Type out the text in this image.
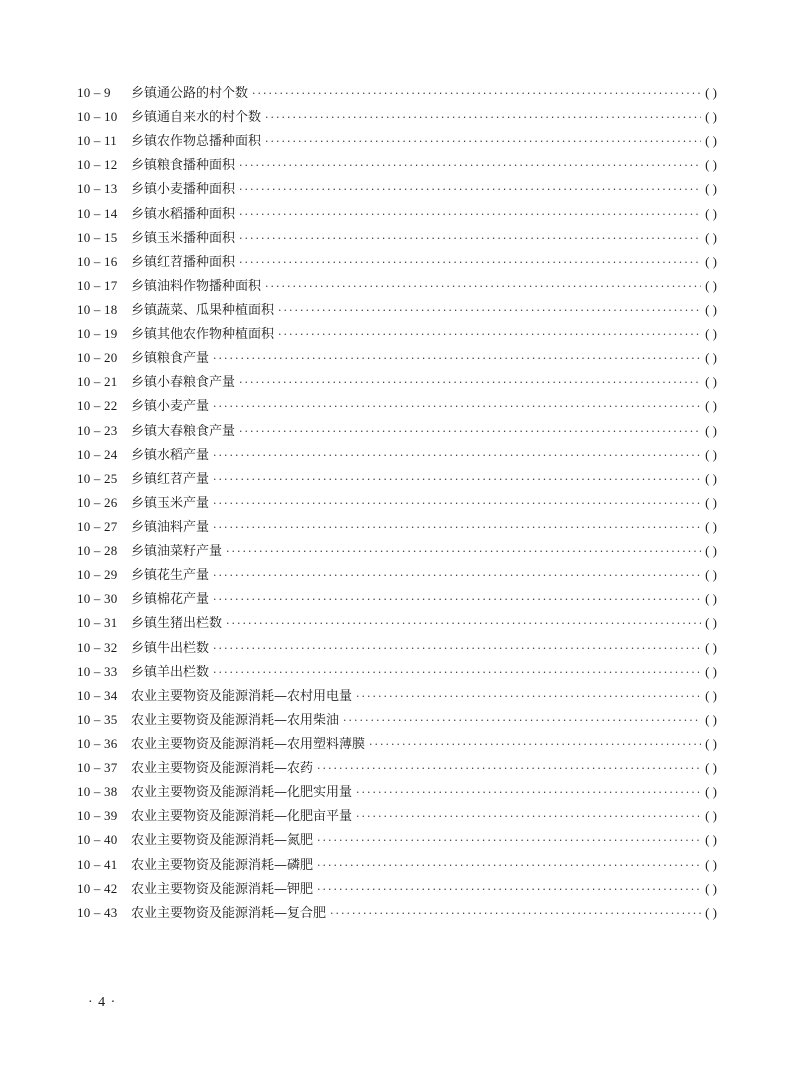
10 – 9	乡镇通公路的村个数 ·····	( )
10 – 10	乡镇通自来水的村个数 ·····	( )
10 – 11	乡镇农作物总播种面积 ·····	( )
10 – 12	乡镇粮食播种面积 ·····	( )
10 – 13	乡镇小麦播种面积 ·····	( )
10 – 14	乡镇水稻播种面积 ·····	( )
10 – 15	乡镇玉米播种面积 ·····	( )
10 – 16	乡镇红苕播种面积 ·····	( )
10 – 17	乡镇油料作物播种面积 ·····	( )
10 – 18	乡镇蔬菜、瓜果种植面积 ·····	( )
10 – 19	乡镇其他农作物种植面积 ·····	( )
10 – 20	乡镇粮食产量 ·····	( )
10 – 21	乡镇小春粮食产量 ·····	( )
10 – 22	乡镇小麦产量 ·····	( )
10 – 23	乡镇大春粮食产量 ·····	( )
10 – 24	乡镇水稻产量 ·····	( )
10 – 25	乡镇红苕产量 ·····	( )
10 – 26	乡镇玉米产量 ·····	( )
10 – 27	乡镇油料产量 ·····	( )
10 – 28	乡镇油菜籽产量 ·····	( )
10 – 29	乡镇花生产量 ·····	( )
10 – 30	乡镇棉花产量 ·····	( )
10 – 31	乡镇生猪出栏数 ·····	( )
10 – 32	乡镇牛出栏数 ·····	( )
10 – 33	乡镇羊出栏数 ·····	( )
10 – 34	农业主要物资及能源消耗—农村用电量 ·····	( )
10 – 35	农业主要物资及能源消耗—农用柴油 ·····	( )
10 – 36	农业主要物资及能源消耗—农用塑料薄膜 ·····	( )
10 – 37	农业主要物资及能源消耗—农药 ·····	( )
10 – 38	农业主要物资及能源消耗—化肥实用量 ·····	( )
10 – 39	农业主要物资及能源消耗—化肥亩平量 ·····	( )
10 – 40	农业主要物资及能源消耗—氮肥 ·····	( )
10 – 41	农业主要物资及能源消耗—磷肥 ·····	( )
10 – 42	农业主要物资及能源消耗—钾肥 ·····	( )
10 – 43	农业主要物资及能源消耗—复合肥 ·····	( )
· 4 ·
